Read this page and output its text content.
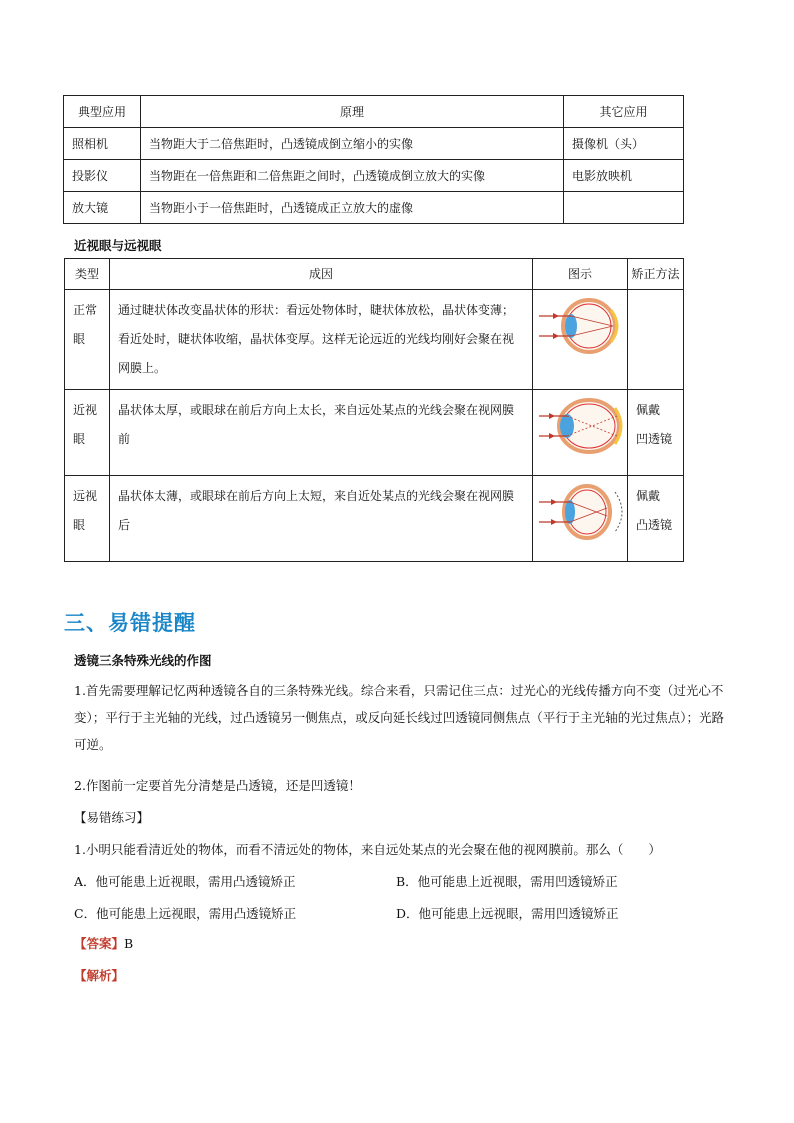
典型应用	原理	其它应用
照相机	当物距大于二倍焦距时，凸透镜成倒立缩小的实像	摄像机（头）
投影仪	当物距在一倍焦距和二倍焦距之间时，凸透镜成倒立放大的实像	电影放映机
放大镜	当物距小于一倍焦距时，凸透镜成正立放大的虚像	
近视眼与远视眼
类型	成因	图示	矫正方法
正常眼	通过睫状体改变晶状体的形状：看远处物体时，睫状体放松，晶状体变薄；看近处时，睫状体收缩，晶状体变厚。这样无论远近的光线均刚好会聚在视网膜上。		
近视眼	晶状体太厚，或眼球在前后方向上太长，来自远处某点的光线会聚在视网膜前		佩戴
凹透镜

远视眼	晶状体太薄，或眼球在前后方向上太短，来自近处某点的光线会聚在视网膜后		佩戴
凸透镜
三、易错提醒
透镜三条特殊光线的作图
1.首先需要理解记忆两种透镜各自的三条特殊光线。综合来看，只需记住三点：过光心的光线传播方向不变（过光心不变）；平行于主光轴的光线，过凸透镜另一侧焦点，或反向延长线过凹透镜同侧焦点（平行于主光轴的光过焦点）；光路可逆。
2.作图前一定要首先分清楚是凸透镜，还是凹透镜！
【易错练习】
1.小明只能看清近处的物体，而看不清远处的物体，来自远处某点的光会聚在他的视网膜前。那么（　　）
A．他可能患上近视眼，需用凸透镜矫正	B．他可能患上近视眼，需用凹透镜矫正
C．他可能患上远视眼，需用凸透镜矫正	D．他可能患上远视眼，需用凹透镜矫正
【答案】B
【解析】
